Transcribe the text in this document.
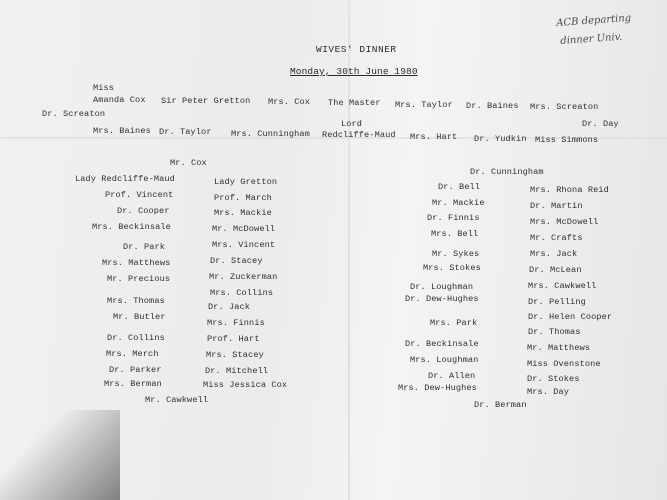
ACB departing
dinner Univ.
WIVES' DINNER
Monday, 30th June 1980
Miss
Amanda Cox Sir Peter Gretton Mrs. Cox The Master Mrs. Taylor Dr. Baines Mrs. Screaton
Dr. Screaton
Dr. Day
Lord
Mrs. Baines Dr. Taylor Mrs. Cunningham Redcliffe-Maud Mrs. Hart Dr. Yudkin Miss Simmons
Mr. Cox
Lady Redcliffe-Maud
Prof. Vincent
Dr. Cooper
Mrs. Beckinsale
Dr. Park
Mrs. Matthews
Mr. Precious
Mrs. Thomas
Mr. Butler
Dr. Collins
Mrs. Merch
Dr. Parker
Mrs. Berman
Mr. Cawkwell
Lady Gretton
Prof. March
Mrs. Mackie
Mr. McDowell
Mrs. Vincent
Dr. Stacey
Mr. Zuckerman
Mrs. Collins
Dr. Jack
Mrs. Finnis
Prof. Hart
Mrs. Stacey
Dr. Mitchell
Miss Jessica Cox
Dr. Cunningham
Dr. Bell
Mr. Mackie
Dr. Finnis
Mrs. Bell
Mr. Sykes
Mrs. Stokes
Dr. Loughman
Dr. Dew-Hughes
Mrs. Park
Dr. Beckinsale
Mrs. Loughman
Dr. Allen
Mrs. Dew-Hughes
Dr. Berman
Mrs. Rhona Reid
Dr. Martin
Mrs. McDowell
Mr. Crafts
Mrs. Jack
Dr. McLean
Mrs. Cawkwell
Dr. Pelling
Dr. Helen Cooper
Dr. Thomas
Mr. Matthews
Miss Ovenstone
Dr. Stokes
Mrs. Day
